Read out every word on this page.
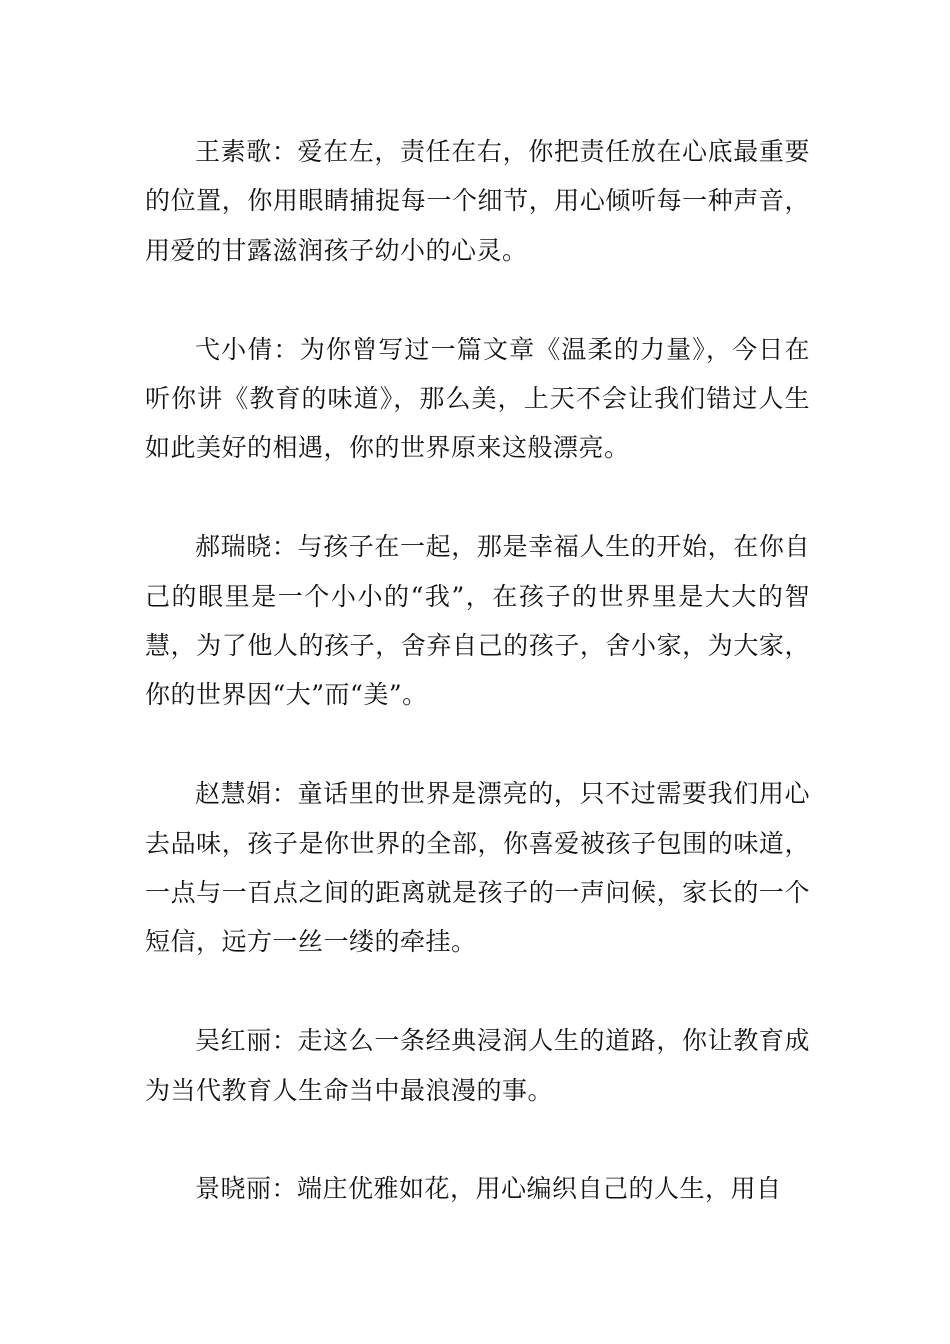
王素歌：爱在左，责任在右，你把责任放在心底最重要的位置，你用眼睛捕捉每一个细节，用心倾听每一种声音，用爱的甘露滋润孩子幼小的心灵。

弋小倩：为你曾写过一篇文章《温柔的力量》，今日在听你讲《教育的味道》，那么美，上天不会让我们错过人生如此美好的相遇，你的世界原来这般漂亮。

郝瑞晓：与孩子在一起，那是幸福人生的开始，在你自己的眼里是一个小小的“我”，在孩子的世界里是大大的智慧，为了他人的孩子，舍弃自己的孩子，舍小家，为大家，你的世界因“大”而“美”。

赵慧娟：童话里的世界是漂亮的，只不过需要我们用心去品味，孩子是你世界的全部，你喜爱被孩子包围的味道，一点与一百点之间的距离就是孩子的一声问候，家长的一个短信，远方一丝一缕的牵挂。

吴红丽：走这么一条经典浸润人生的道路，你让教育成为当代教育人生命当中最浪漫的事。

景晓丽：端庄优雅如花，用心编织自己的人生，用自
